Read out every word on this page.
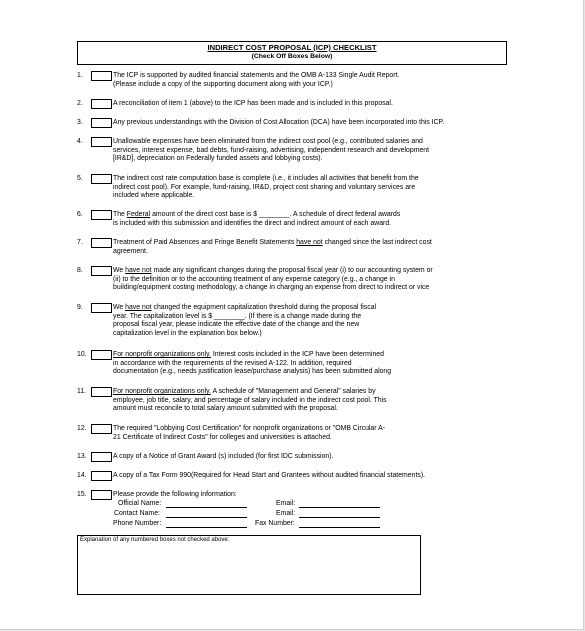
INDIRECT COST PROPOSAL (ICP) CHECKLIST
(Check Off Boxes Below)
1.	The ICP is supported by audited financial statements and the OMB A-133 Single Audit Report.
(Please include a copy of the supporting document along with your ICP.)
2.	A reconciliation of item 1 (above) to the ICP has been made and is included in this proposal.
3.	Any previous understandings with the Division of Cost Allocation (DCA) have been incorporated into this ICP.
4.	Unallowable expenses have been eliminated from the indirect cost pool (e.g., contributed salaries and
services, interest expense, bad debts, fund-raising, advertising, independent research and development
[IR&D], depreciation on Federally funded assets and lobbying costs).
5.	The indirect cost rate computation base is complete (i.e., it includes all activities that benefit from the
indirect cost pool). For example, fund-raising, IR&D, project cost sharing and voluntary services are
included where applicable.
6.	The Federal amount of the direct cost base is $ ________. A schedule of direct federal awards
is included with this submission and identifies the direct and indirect amount of each award.
7.	Treatment of Paid Absences and Fringe Benefit Statements have not changed since the last indirect cost
agreement.
8.	We have not made any significant changes during the proposal fiscal year (i) to our accounting system or
(ii) to the definition or to the accounting treatment of any expense category (e.g., a change in
building/equipment costing methodology, a change in charging an expense from direct to indirect or vice
9.	We have not changed the equipment capitalization threshold during the proposal fiscal
year. The capitalization level is $ ________. (If there is a change made during the
proposal fiscal year, please indicate the effective date of the change and the new
capitalization level in the explanation box below.)
10.	For nonprofit organizations only. Interest costs included in the ICP have been determined
in accordance with the requirements of the revised A-122. In addition, required
documentation (e.g., needs justification lease/purchase analysis) has been submitted along
11.	For nonprofit organizations only. A schedule of "Management and General" salaries by
employee, job title, salary, and percentage of salary included in the indirect cost pool. This
amount must reconcile to total salary amount submitted with the proposal.
12.	The required "Lobbying Cost Certification" for nonprofit organizations or "OMB Circular A-
21 Certificate of Indirect Costs" for colleges and universities is attached.
13.	A copy of a Notice of Grant Award (s) included (for first IDC submission).
14.	A copy of a Tax Form 990(Required for Head Start and Grantees without audited financial statements).
15.	Please provide the following information:
Official Name:	Email:
Contact Name:	Email:
Phone Number:	Fax Number:
Explanation of any numbered boxes not checked above:
